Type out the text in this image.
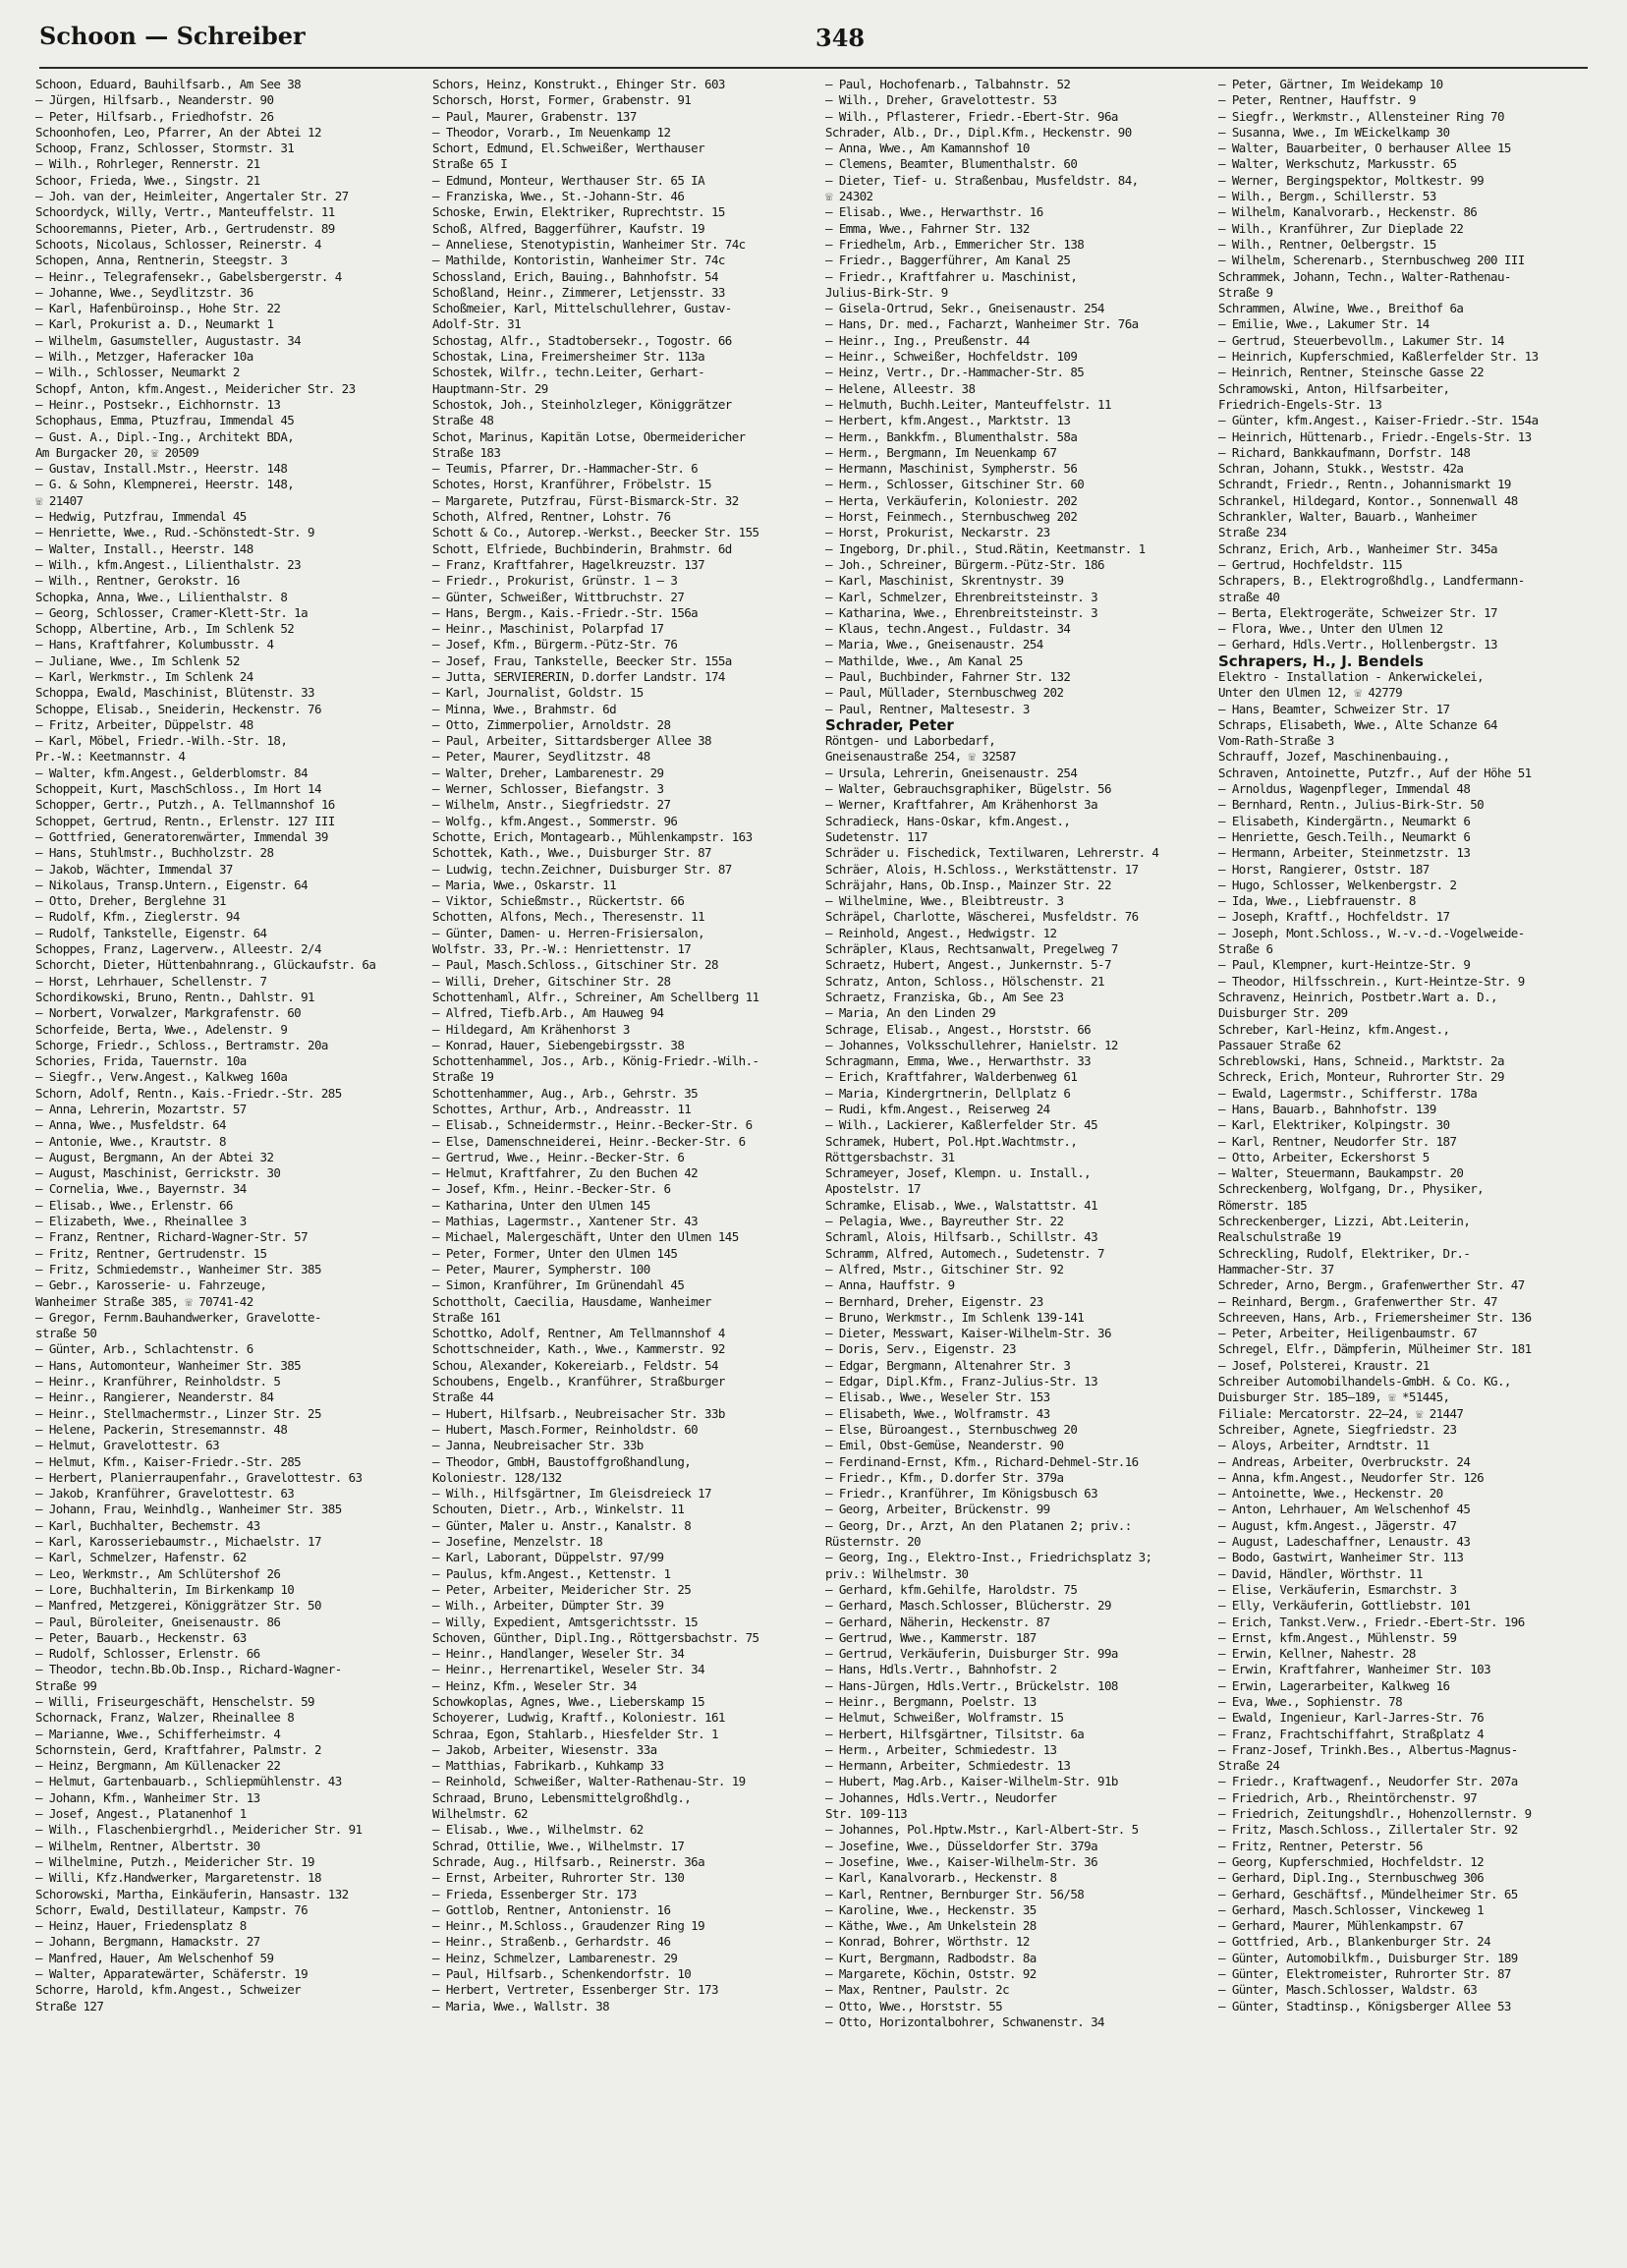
Schoon — Schreiber	348
Schoon, Eduard, Bauhilfsarb., Am See 38
— Jürgen, Hilfsarb., Neanderstr. 90
— Peter, Hilfsarb., Friedhofstr. 26
Schoonhofen, Leo, Pfarrer, An der Abtei 12
Schoop, Franz, Schlosser, Stormstr. 31
— Wilh., Rohrleger, Rennerstr. 21
Schoor, Frieda, Wwe., Singstr. 21
— Joh. van der, Heimleiter, Angertaler Str. 27
Schoordyck, Willy, Vertr., Manteuffelstr. 11
Schooremanns, Pieter, Arb., Gertrudenstr. 89
Schoots, Nicolaus, Schlosser, Reinerstr. 4
Schopen, Anna, Rentnerin, Steegstr. 3
— Heinr., Telegrafensekr., Gabelsbergerstr. 4
— Johanne, Wwe., Seydlitzstr. 36
— Karl, Hafenbüroinsp., Hohe Str. 22
— Karl, Prokurist a. D., Neumarkt 1
— Wilhelm, Gasumsteller, Augustastr. 34
— Wilh., Metzger, Haferacker 10a
— Wilh., Schlosser, Neumarkt 2
Schopf, Anton, kfm.Angest., Meidericher Str. 23
— Heinr., Postsekr., Eichhornstr. 13
Schophaus, Emma, Ptuzfrau, Immendal 45
— Gust. A., Dipl.-Ing., Architekt BDA,
Am Burgacker 20, ☏ 20509
— Gustav, Install.Mstr., Heerstr. 148
— G. & Sohn, Klempnerei, Heerstr. 148,
☏ 21407
— Hedwig, Putzfrau, Immendal 45
— Henriette, Wwe., Rud.-Schönstedt-Str. 9
— Walter, Install., Heerstr. 148
— Wilh., kfm.Angest., Lilienthalstr. 23
— Wilh., Rentner, Gerokstr. 16
Schopka, Anna, Wwe., Lilienthalstr. 8
— Georg, Schlosser, Cramer-Klett-Str. 1a
Schopp, Albertine, Arb., Im Schlenk 52
— Hans, Kraftfahrer, Kolumbusstr. 4
— Juliane, Wwe., Im Schlenk 52
— Karl, Werkmstr., Im Schlenk 24
Schoppa, Ewald, Maschinist, Blütenstr. 33
Schoppe, Elisab., Sneiderin, Heckenstr. 76
— Fritz, Arbeiter, Düppelstr. 48
— Karl, Möbel, Friedr.-Wilh.-Str. 18,
Pr.-W.: Keetmannstr. 4
— Walter, kfm.Angest., Gelderblomstr. 84
Schoppeit, Kurt, MaschSchloss., Im Hort 14
Schopper, Gertr., Putzh., A. Tellmannshof 16
Schoppet, Gertrud, Rentn., Erlenstr. 127 III
— Gottfried, Generatorenwärter, Immendal 39
— Hans, Stuhlmstr., Buchholzstr. 28
— Jakob, Wächter, Immendal 37
— Nikolaus, Transp.Untern., Eigenstr. 64
— Otto, Dreher, Berglehne 31
— Rudolf, Kfm., Zieglerstr. 94
— Rudolf, Tankstelle, Eigenstr. 64
Schoppes, Franz, Lagerverw., Alleestr. 2/4
Schorcht, Dieter, Hüttenbahnrang., Glückaufstr. 6a
— Horst, Lehrhauer, Schellenstr. 7
Schordikowski, Bruno, Rentn., Dahlstr. 91
— Norbert, Vorwalzer, Markgrafenstr. 60
Schorfeide, Berta, Wwe., Adelenstr. 9
Schorge, Friedr., Schloss., Bertramstr. 20a
Schories, Frida, Tauernstr. 10a
— Siegfr., Verw.Angest., Kalkweg 160a
Schorn, Adolf, Rentn., Kais.-Friedr.-Str. 285
— Anna, Lehrerin, Mozartstr. 57
— Anna, Wwe., Musfeldstr. 64
— Antonie, Wwe., Krautstr. 8
— August, Bergmann, An der Abtei 32
— August, Maschinist, Gerrickstr. 30
— Cornelia, Wwe., Bayernstr. 34
— Elisab., Wwe., Erlenstr. 66
— Elizabeth, Wwe., Rheinallee 3
— Franz, Rentner, Richard-Wagner-Str. 57
— Fritz, Rentner, Gertrudenstr. 15
— Fritz, Schmiedemstr., Wanheimer Str. 385
— Gebr., Karosserie- u. Fahrzeuge,
Wanheimer Straße 385, ☏ 70741-42
— Gregor, Fernm.Bauhandwerker, Gravelotte-
straße 50
— Günter, Arb., Schlachtenstr. 6
— Hans, Automonteur, Wanheimer Str. 385
— Heinr., Kranführer, Reinholdstr. 5
— Heinr., Rangierer, Neanderstr. 84
— Heinr., Stellmachermstr., Linzer Str. 25
— Helene, Packerin, Stresemannstr. 48
— Helmut, Gravelottestr. 63
— Helmut, Kfm., Kaiser-Friedr.-Str. 285
— Herbert, Planierraupenfahr., Gravelottestr. 63
— Jakob, Kranführer, Gravelottestr. 63
— Johann, Frau, Weinhdlg., Wanheimer Str. 385
— Karl, Buchhalter, Bechemstr. 43
— Karl, Karosseriebaumstr., Michaelstr. 17
— Karl, Schmelzer, Hafenstr. 62
— Leo, Werkmstr., Am Schlütershof 26
— Lore, Buchhalterin, Im Birkenkamp 10
— Manfred, Metzgerei, Königgrätzer Str. 50
— Paul, Büroleiter, Gneisenaustr. 86
— Peter, Bauarb., Heckenstr. 63
— Rudolf, Schlosser, Erlenstr. 66
— Theodor, techn.Bb.Ob.Insp., Richard-Wagner-
Straße 99
— Willi, Friseurgeschäft, Henschelstr. 59
Schornack, Franz, Walzer, Rheinallee 8
— Marianne, Wwe., Schifferheimstr. 4
Schornstein, Gerd, Kraftfahrer, Palmstr. 2
— Heinz, Bergmann, Am Küllenacker 22
— Helmut, Gartenbauarb., Schliepmühlenstr. 43
— Johann, Kfm., Wanheimer Str. 13
— Josef, Angest., Platanenhof 1
— Wilh., Flaschenbiergrhdl., Meidericher Str. 91
— Wilhelm, Rentner, Albertstr. 30
— Wilhelmine, Putzh., Meidericher Str. 19
— Willi, Kfz.Handwerker, Margaretenstr. 18
Schorowski, Martha, Einkäuferin, Hansastr. 132
Schorr, Ewald, Destillateur, Kampstr. 76
— Heinz, Hauer, Friedensplatz 8
— Johann, Bergmann, Hamackstr. 27
— Manfred, Hauer, Am Welschenhof 59
— Walter, Apparatewärter, Schäferstr. 19
Schorre, Harold, kfm.Angest., Schweizer
Straße 127
Schors, Heinz, Konstrukt., Ehinger Str. 603
Schorsch, Horst, Former, Grabenstr. 91
— Paul, Maurer, Grabenstr. 137
— Theodor, Vorarb., Im Neuenkamp 12
Schort, Edmund, El.Schweißer, Werthauser
Straße 65 I
— Edmund, Monteur, Werthauser Str. 65 IA
— Franziska, Wwe., St.-Johann-Str. 46
Schoske, Erwin, Elektriker, Ruprechtstr. 15
Schoß, Alfred, Baggerführer, Kaufstr. 19
— Anneliese, Stenotypistin, Wanheimer Str. 74c
— Mathilde, Kontoristin, Wanheimer Str. 74c
Schossland, Erich, Bauing., Bahnhofstr. 54
Schoßland, Heinr., Zimmerer, Letjensstr. 33
Schoßmeier, Karl, Mittelschullehrer, Gustav-
Adolf-Str. 31
Schostag, Alfr., Stadtobersekr., Togostr. 66
Schostak, Lina, Freimersheimer Str. 113a
Schostek, Wilfr., techn.Leiter, Gerhart-
Hauptmann-Str. 29
Schostok, Joh., Steinholzleger, Königgrätzer
Straße 48
Schot, Marinus, Kapitän Lotse, Obermeidericher
Straße 183
— Teumis, Pfarrer, Dr.-Hammacher-Str. 6
Schotes, Horst, Kranführer, Fröbelstr. 15
— Margarete, Putzfrau, Fürst-Bismarck-Str. 32
Schoth, Alfred, Rentner, Lohstr. 76
Schott & Co., Autorep.-Werkst., Beecker Str. 155
Schott, Elfriede, Buchbinderin, Brahmstr. 6d
— Franz, Kraftfahrer, Hagelkreuzstr. 137
— Friedr., Prokurist, Grünstr. 1 — 3
— Günter, Schweißer, Wittbruchstr. 27
— Hans, Bergm., Kais.-Friedr.-Str. 156a
— Heinr., Maschinist, Polarpfad 17
— Josef, Kfm., Bürgerm.-Pütz-Str. 76
— Josef, Frau, Tankstelle, Beecker Str. 155a
— Jutta, SERVIERERIN, D.dorfer Landstr. 174
— Karl, Journalist, Goldstr. 15
— Minna, Wwe., Brahmstr. 6d
— Otto, Zimmerpolier, Arnoldstr. 28
— Paul, Arbeiter, Sittardsberger Allee 38
— Peter, Maurer, Seydlitzstr. 48
— Walter, Dreher, Lambarenestr. 29
— Werner, Schlosser, Biefangstr. 3
— Wilhelm, Anstr., Siegfriedstr. 27
— Wolfg., kfm.Angest., Sommerstr. 96
Schotte, Erich, Montagearb., Mühlenkampstr. 163
Schottek, Kath., Wwe., Duisburger Str. 87
— Ludwig, techn.Zeichner, Duisburger Str. 87
— Maria, Wwe., Oskarstr. 11
— Viktor, Schießmstr., Rückertstr. 66
Schotten, Alfons, Mech., Theresenstr. 11
— Günter, Damen- u. Herren-Frisiersalon,
Wolfstr. 33, Pr.-W.: Henriettenstr. 17
— Paul, Masch.Schloss., Gitschiner Str. 28
— Willi, Dreher, Gitschiner Str. 28
Schottenhaml, Alfr., Schreiner, Am Schellberg 11
— Alfred, Tiefb.Arb., Am Hauweg 94
— Hildegard, Am Krähenhorst 3
— Konrad, Hauer, Siebengebirgsstr. 38
Schottenhammel, Jos., Arb., König-Friedr.-Wilh.-
Straße 19
Schottenhammer, Aug., Arb., Gehrstr. 35
Schottes, Arthur, Arb., Andreasstr. 11
— Elisab., Schneidermstr., Heinr.-Becker-Str. 6
— Else, Damenschneiderei, Heinr.-Becker-Str. 6
— Gertrud, Wwe., Heinr.-Becker-Str. 6
— Helmut, Kraftfahrer, Zu den Buchen 42
— Josef, Kfm., Heinr.-Becker-Str. 6
— Katharina, Unter den Ulmen 145
— Mathias, Lagermstr., Xantener Str. 43
— Michael, Malergeschäft, Unter den Ulmen 145
— Peter, Former, Unter den Ulmen 145
— Peter, Maurer, Sympherstr. 100
— Simon, Kranführer, Im Grünendahl 45
Schottholt, Caecilia, Hausdame, Wanheimer
Straße 161
Schottko, Adolf, Rentner, Am Tellmannshof 4
Schottschneider, Kath., Wwe., Kammerstr. 92
Schou, Alexander, Kokereiarb., Feldstr. 54
Schoubens, Engelb., Kranführer, Straßburger
Straße 44
— Hubert, Hilfsarb., Neubreisacher Str. 33b
— Hubert, Masch.Former, Reinholdstr. 60
— Janna, Neubreisacher Str. 33b
— Theodor, GmbH, Baustoffgroßhandlung,
Koloniestr. 128/132
— Wilh., Hilfsgärtner, Im Gleisdreieck 17
Schouten, Dietr., Arb., Winkelstr. 11
— Günter, Maler u. Anstr., Kanalstr. 8
— Josefine, Menzelstr. 18
— Karl, Laborant, Düppelstr. 97/99
— Paulus, kfm.Angest., Kettenstr. 1
— Peter, Arbeiter, Meidericher Str. 25
— Wilh., Arbeiter, Dümpter Str. 39
— Willy, Expedient, Amtsgerichtsstr. 15
Schoven, Günther, Dipl.Ing., Röttgersbachstr. 75
— Heinr., Handlanger, Weseler Str. 34
— Heinr., Herrenartikel, Weseler Str. 34
— Heinz, Kfm., Weseler Str. 34
Schowkoplas, Agnes, Wwe., Lieberskamp 15
Schoyerer, Ludwig, Kraftf., Koloniestr. 161
Schraa, Egon, Stahlarb., Hiesfelder Str. 1
— Jakob, Arbeiter, Wiesenstr. 33a
— Matthias, Fabrikarb., Kuhkamp 33
— Reinhold, Schweißer, Walter-Rathenau-Str. 19
Schraad, Bruno, Lebensmittelgroßhdlg.,
Wilhelmstr. 62
— Elisab., Wwe., Wilhelmstr. 62
Schrad, Ottilie, Wwe., Wilhelmstr. 17
Schrade, Aug., Hilfsarb., Reinerstr. 36a
— Ernst, Arbeiter, Ruhrorter Str. 130
— Frieda, Essenberger Str. 173
— Gottlob, Rentner, Antonienstr. 16
— Heinr., M.Schloss., Graudenzer Ring 19
— Heinr., Straßenb., Gerhardstr. 46
— Heinz, Schmelzer, Lambarenestr. 29
— Paul, Hilfsarb., Schenkendorfstr. 10
— Herbert, Vertreter, Essenberger Str. 173
— Maria, Wwe., Wallstr. 38
— Paul, Hochofenarb., Talbahnstr. 52
— Wilh., Dreher, Gravelottestr. 53
— Wilh., Pflasterer, Friedr.-Ebert-Str. 96a
Schrader, Alb., Dr., Dipl.Kfm., Heckenstr. 90
— Anna, Wwe., Am Kamannshof 10
— Clemens, Beamter, Blumenthalstr. 60
— Dieter, Tief- u. Straßenbau, Musfeldstr. 84,
☏ 24302
— Elisab., Wwe., Herwarthstr. 16
— Emma, Wwe., Fahrner Str. 132
— Friedhelm, Arb., Emmericher Str. 138
— Friedr., Baggerführer, Am Kanal 25
— Friedr., Kraftfahrer u. Maschinist,
Julius-Birk-Str. 9
— Gisela-Ortrud, Sekr., Gneisenaustr. 254
— Hans, Dr. med., Facharzt, Wanheimer Str. 76a
— Heinr., Ing., Preußenstr. 44
— Heinr., Schweißer, Hochfeldstr. 109
— Heinz, Vertr., Dr.-Hammacher-Str. 85
— Helene, Alleestr. 38
— Helmuth, Buchh.Leiter, Manteuffelstr. 11
— Herbert, kfm.Angest., Marktstr. 13
— Herm., Bankkfm., Blumenthalstr. 58a
— Herm., Bergmann, Im Neuenkamp 67
— Hermann, Maschinist, Sympherstr. 56
— Herm., Schlosser, Gitschiner Str. 60
— Herta, Verkäuferin, Koloniestr. 202
— Horst, Feinmech., Sternbuschweg 202
— Horst, Prokurist, Neckarstr. 23
— Ingeborg, Dr.phil., Stud.Rätin, Keetmanstr. 1
— Joh., Schreiner, Bürgerm.-Pütz-Str. 186
— Karl, Maschinist, Skrentnystr. 39
— Karl, Schmelzer, Ehrenbreitsteinstr. 3
— Katharina, Wwe., Ehrenbreitsteinstr. 3
— Klaus, techn.Angest., Fuldastr. 34
— Maria, Wwe., Gneisenaustr. 254
— Mathilde, Wwe., Am Kanal 25
— Paul, Buchbinder, Fahrner Str. 132
— Paul, Müllader, Sternbuschweg 202
— Paul, Rentner, Maltesestr. 3
Schrader, Peter
Röntgen- und Laborbedarf,
Gneisenaustraße 254, ☏ 32587
— Ursula, Lehrerin, Gneisenaustr. 254
— Walter, Gebrauchsgraphiker, Bügelstr. 56
— Werner, Kraftfahrer, Am Krähenhorst 3a
Schradieck, Hans-Oskar, kfm.Angest.,
Sudetenstr. 117
Schräder u. Fischedick, Textilwaren, Lehrerstr. 4
Schräer, Alois, H.Schloss., Werkstättenstr. 17
Schräjahr, Hans, Ob.Insp., Mainzer Str. 22
— Wilhelmine, Wwe., Bleibtreustr. 3
Schräpel, Charlotte, Wäscherei, Musfeldstr. 76
— Reinhold, Angest., Hedwigstr. 12
Schräpler, Klaus, Rechtsanwalt, Pregelweg 7
Schraetz, Hubert, Angest., Junkernstr. 5-7
Schratz, Anton, Schloss., Hölschenstr. 21
Schraetz, Franziska, Gb., Am See 23
— Maria, An den Linden 29
Schrage, Elisab., Angest., Horststr. 66
— Johannes, Volksschullehrer, Hanielstr. 12
Schragmann, Emma, Wwe., Herwarthstr. 33
— Erich, Kraftfahrer, Walderbenweg 61
— Maria, Kindergrtnerin, Dellplatz 6
— Rudi, kfm.Angest., Reiserweg 24
— Wilh., Lackierer, Kaßlerfelder Str. 45
Schramek, Hubert, Pol.Hpt.Wachtmstr.,
Röttgersbachstr. 31
Schrameyer, Josef, Klempn. u. Install.,
Apostelstr. 17
Schramke, Elisab., Wwe., Walstattstr. 41
— Pelagia, Wwe., Bayreuther Str. 22
Schraml, Alois, Hilfsarb., Schillstr. 43
Schramm, Alfred, Automech., Sudetenstr. 7
— Alfred, Mstr., Gitschiner Str. 92
— Anna, Hauffstr. 9
— Bernhard, Dreher, Eigenstr. 23
— Bruno, Werkmstr., Im Schlenk 139-141
— Dieter, Messwart, Kaiser-Wilhelm-Str. 36
— Doris, Serv., Eigenstr. 23
— Edgar, Bergmann, Altenahrer Str. 3
— Edgar, Dipl.Kfm., Franz-Julius-Str. 13
— Elisab., Wwe., Weseler Str. 153
— Elisabeth, Wwe., Wolframstr. 43
— Else, Büroangest., Sternbuschweg 20
— Emil, Obst-Gemüse, Neanderstr. 90
— Ferdinand-Ernst, Kfm., Richard-Dehmel-Str.16
— Friedr., Kfm., D.dorfer Str. 379a
— Friedr., Kranführer, Im Königsbusch 63
— Georg, Arbeiter, Brückenstr. 99
— Georg, Dr., Arzt, An den Platanen 2; priv.:
Rüsternstr. 20
— Georg, Ing., Elektro-Inst., Friedrichsplatz 3;
priv.: Wilhelmstr. 30
— Gerhard, kfm.Gehilfe, Haroldstr. 75
— Gerhard, Masch.Schlosser, Blücherstr. 29
— Gerhard, Näherin, Heckenstr. 87
— Gertrud, Wwe., Kammerstr. 187
— Gertrud, Verkäuferin, Duisburger Str. 99a
— Hans, Hdls.Vertr., Bahnhofstr. 2
— Hans-Jürgen, Hdls.Vertr., Brückelstr. 108
— Heinr., Bergmann, Poelstr. 13
— Helmut, Schweißer, Wolframstr. 15
— Herbert, Hilfsgärtner, Tilsitstr. 6a
— Herm., Arbeiter, Schmiedestr. 13
— Hermann, Arbeiter, Schmiedestr. 13
— Hubert, Mag.Arb., Kaiser-Wilhelm-Str. 91b
— Johannes, Hdls.Vertr., Neudorfer
Str. 109-113
— Johannes, Pol.Hptw.Mstr., Karl-Albert-Str. 5
— Josefine, Wwe., Düsseldorfer Str. 379a
— Josefine, Wwe., Kaiser-Wilhelm-Str. 36
— Karl, Kanalvorarb., Heckenstr. 8
— Karl, Rentner, Bernburger Str. 56/58
— Karoline, Wwe., Heckenstr. 35
— Käthe, Wwe., Am Unkelstein 28
— Konrad, Bohrer, Wörthstr. 12
— Kurt, Bergmann, Radbodstr. 8a
— Margarete, Köchin, Oststr. 92
— Max, Rentner, Paulstr. 2c
— Otto, Wwe., Horststr. 55
— Otto, Horizontalbohrer, Schwanenstr. 34
— Peter, Gärtner, Im Weidekamp 10
— Peter, Rentner, Hauffstr. 9
— Siegfr., Werkmstr., Allensteiner Ring 70
— Susanna, Wwe., Im WEickelkamp 30
— Walter, Bauarbeiter, O berhauser Allee 15
— Walter, Werkschutz, Markusstr. 65
— Werner, Bergingspektor, Moltkestr. 99
— Wilh., Bergm., Schillerstr. 53
— Wilhelm, Kanalvorarb., Heckenstr. 86
— Wilh., Kranführer, Zur Dieplade 22
— Wilh., Rentner, Oelbergstr. 15
— Wilhelm, Scherenarb., Sternbuschweg 200 III
Schrammek, Johann, Techn., Walter-Rathenau-
Straße 9
Schrammen, Alwine, Wwe., Breithof 6a
— Emilie, Wwe., Lakumer Str. 14
— Gertrud, Steuerbevollm., Lakumer Str. 14
— Heinrich, Kupferschmied, Kaßlerfelder Str. 13
— Heinrich, Rentner, Steinsche Gasse 22
Schramowski, Anton, Hilfsarbeiter,
Friedrich-Engels-Str. 13
— Günter, kfm.Angest., Kaiser-Friedr.-Str. 154a
— Heinrich, Hüttenarb., Friedr.-Engels-Str. 13
— Richard, Bankkaufmann, Dorfstr. 148
Schran, Johann, Stukk., Weststr. 42a
Schrandt, Friedr., Rentn., Johannismarkt 19
Schrankel, Hildegard, Kontor., Sonnenwall 48
Schrankler, Walter, Bauarb., Wanheimer
Straße 234
Schranz, Erich, Arb., Wanheimer Str. 345a
— Gertrud, Hochfeldstr. 115
Schrapers, B., Elektrogroßhdlg., Landfermann-
straße 40
— Berta, Elektrogeräte, Schweizer Str. 17
— Flora, Wwe., Unter den Ulmen 12
— Gerhard, Hdls.Vertr., Hollenbergstr. 13
Schrapers, H., J. Bendels
Elektro - Installation - Ankerwickelei,
Unter den Ulmen 12, ☏ 42779
— Hans, Beamter, Schweizer Str. 17
Schraps, Elisabeth, Wwe., Alte Schanze 64
Vom-Rath-Straße 3
Schrauff, Jozef, Maschinenbauing.,
Schraven, Antoinette, Putzfr., Auf der Höhe 51
— Arnoldus, Wagenpfleger, Immendal 48
— Bernhard, Rentn., Julius-Birk-Str. 50
— Elisabeth, Kindergärtn., Neumarkt 6
— Henriette, Gesch.Teilh., Neumarkt 6
— Hermann, Arbeiter, Steinmetzstr. 13
— Horst, Rangierer, Oststr. 187
— Hugo, Schlosser, Welkenbergstr. 2
— Ida, Wwe., Liebfrauenstr. 8
— Joseph, Kraftf., Hochfeldstr. 17
— Joseph, Mont.Schloss., W.-v.-d.-Vogelweide-
Straße 6
— Paul, Klempner, kurt-Heintze-Str. 9
— Theodor, Hilfsschrein., Kurt-Heintze-Str. 9
Schravenz, Heinrich, Postbetr.Wart a. D.,
Duisburger Str. 209
Schreber, Karl-Heinz, kfm.Angest.,
Passauer Straße 62
Schreblowski, Hans, Schneid., Marktstr. 2a
Schreck, Erich, Monteur, Ruhrorter Str. 29
— Ewald, Lagermstr., Schifferstr. 178a
— Hans, Bauarb., Bahnhofstr. 139
— Karl, Elektriker, Kolpingstr. 30
— Karl, Rentner, Neudorfer Str. 187
— Otto, Arbeiter, Eckershorst 5
— Walter, Steuermann, Baukampstr. 20
Schreckenberg, Wolfgang, Dr., Physiker,
Römerstr. 185
Schreckenberger, Lizzi, Abt.Leiterin,
Realschulstraße 19
Schreckling, Rudolf, Elektriker, Dr.-
Hammacher-Str. 37
Schreder, Arno, Bergm., Grafenwerther Str. 47
— Reinhard, Bergm., Grafenwerther Str. 47
Schreeven, Hans, Arb., Friemersheimer Str. 136
— Peter, Arbeiter, Heiligenbaumstr. 67
Schregel, Elfr., Dämpferin, Mülheimer Str. 181
— Josef, Polsterei, Kraustr. 21
Schreiber Automobilhandels-GmbH. & Co. KG.,
Duisburger Str. 185—189, ☏ *51445,
Filiale: Mercatorstr. 22—24, ☏ 21447
Schreiber, Agnete, Siegfriedstr. 23
— Aloys, Arbeiter, Arndtstr. 11
— Andreas, Arbeiter, Overbruckstr. 24
— Anna, kfm.Angest., Neudorfer Str. 126
— Antoinette, Wwe., Heckenstr. 20
— Anton, Lehrhauer, Am Welschenhof 45
— August, kfm.Angest., Jägerstr. 47
— August, Ladeschaffner, Lenaustr. 43
— Bodo, Gastwirt, Wanheimer Str. 113
— David, Händler, Wörthstr. 11
— Elise, Verkäuferin, Esmarchstr. 3
— Elly, Verkäuferin, Gottliebstr. 101
— Erich, Tankst.Verw., Friedr.-Ebert-Str. 196
— Ernst, kfm.Angest., Mühlenstr. 59
— Erwin, Kellner, Nahestr. 28
— Erwin, Kraftfahrer, Wanheimer Str. 103
— Erwin, Lagerarbeiter, Kalkweg 16
— Eva, Wwe., Sophienstr. 78
— Ewald, Ingenieur, Karl-Jarres-Str. 76
— Franz, Frachtschiffahrt, Straßplatz 4
— Franz-Josef, Trinkh.Bes., Albertus-Magnus-
Straße 24
— Friedr., Kraftwagenf., Neudorfer Str. 207a
— Friedrich, Arb., Rheintörchenstr. 97
— Friedrich, Zeitungshdlr., Hohenzollernstr. 9
— Fritz, Masch.Schloss., Zillertaler Str. 92
— Fritz, Rentner, Peterstr. 56
— Georg, Kupferschmied, Hochfeldstr. 12
— Gerhard, Dipl.Ing., Sternbuschweg 306
— Gerhard, Geschäftsf., Mündelheimer Str. 65
— Gerhard, Masch.Schlosser, Vinckeweg 1
— Gerhard, Maurer, Mühlenkampstr. 67
— Gottfried, Arb., Blankenburger Str. 24
— Günter, Automobilkfm., Duisburger Str. 189
— Günter, Elektromeister, Ruhrorter Str. 87
— Günter, Masch.Schlosser, Waldstr. 63
— Günter, Stadtinsp., Königsberger Allee 53
